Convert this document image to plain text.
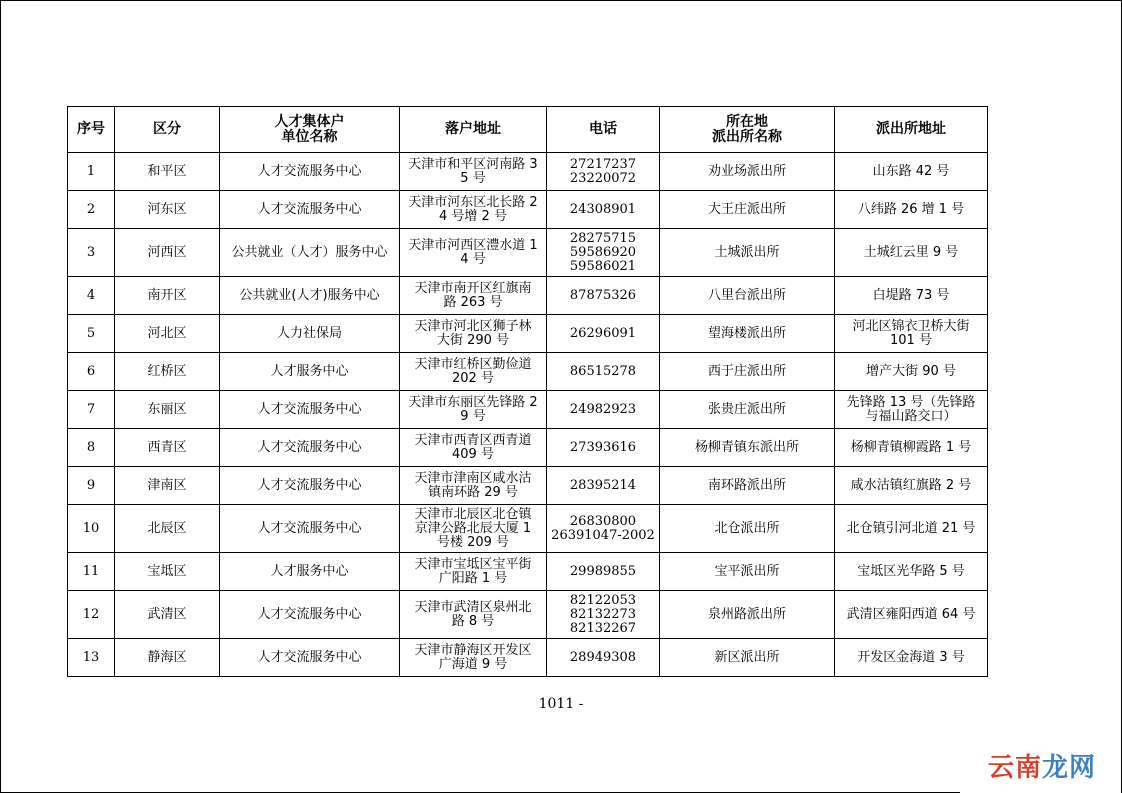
序号	区分	人才集体户
单位名称	落户地址	电话	所在地
派出所名称	派出所地址
1	和平区	人才交流服务中心	天津市和平区河南路 3
5 号	27217237
23220072	劝业场派出所	山东路 42 号

2	河东区	人才交流服务中心	天津市河东区北长路 2
4 号增 2 号	24308901	大王庄派出所	八纬路 26 增 1 号

3	河西区	公共就业（人才）服务中心	天津市河西区澧水道 1
4 号	28275715
59586920
59586021	土城派出所	土城红云里 9 号

4	南开区	公共就业(人才)服务中心	天津市南开区红旗南
路 263 号	87875326	八里台派出所	白堤路 73 号

5	河北区	人力社保局	天津市河北区狮子林
大街 290 号	26296091	望海楼派出所	河北区锦衣卫桥大街
101 号

6	红桥区	人才服务中心	天津市红桥区勤俭道
202 号	86515278	西于庄派出所	增产大街 90 号

7	东丽区	人才交流服务中心	天津市东丽区先锋路 2
9 号	24982923	张贵庄派出所	先锋路 13 号（先锋路
与福山路交口）

8	西青区	人才交流服务中心	天津市西青区西青道
409 号	27393616	杨柳青镇东派出所	杨柳青镇柳霞路 1 号

9	津南区	人才交流服务中心	天津市津南区咸水沽
镇南环路 29 号	28395214	南环路派出所	咸水沽镇红旗路 2 号

10	北辰区	人才交流服务中心	天津市北辰区北仓镇
京津公路北辰大厦 1
号楼 209 号	26830800
26391047-2002	北仓派出所	北仓镇引河北道 21 号

11	宝坻区	人才服务中心	天津市宝坻区宝平街
广阳路 1 号	29989855	宝平派出所	宝坻区光华路 5 号

12	武清区	人才交流服务中心	天津市武清区泉州北
路 8 号	82122053
82132273
82132267	泉州路派出所	武清区雍阳西道 64 号

13	静海区	人才交流服务中心	天津市静海区开发区
广海道 9 号	28949308	新区派出所	开发区金海道 3 号
1011 -
云南 龙网
